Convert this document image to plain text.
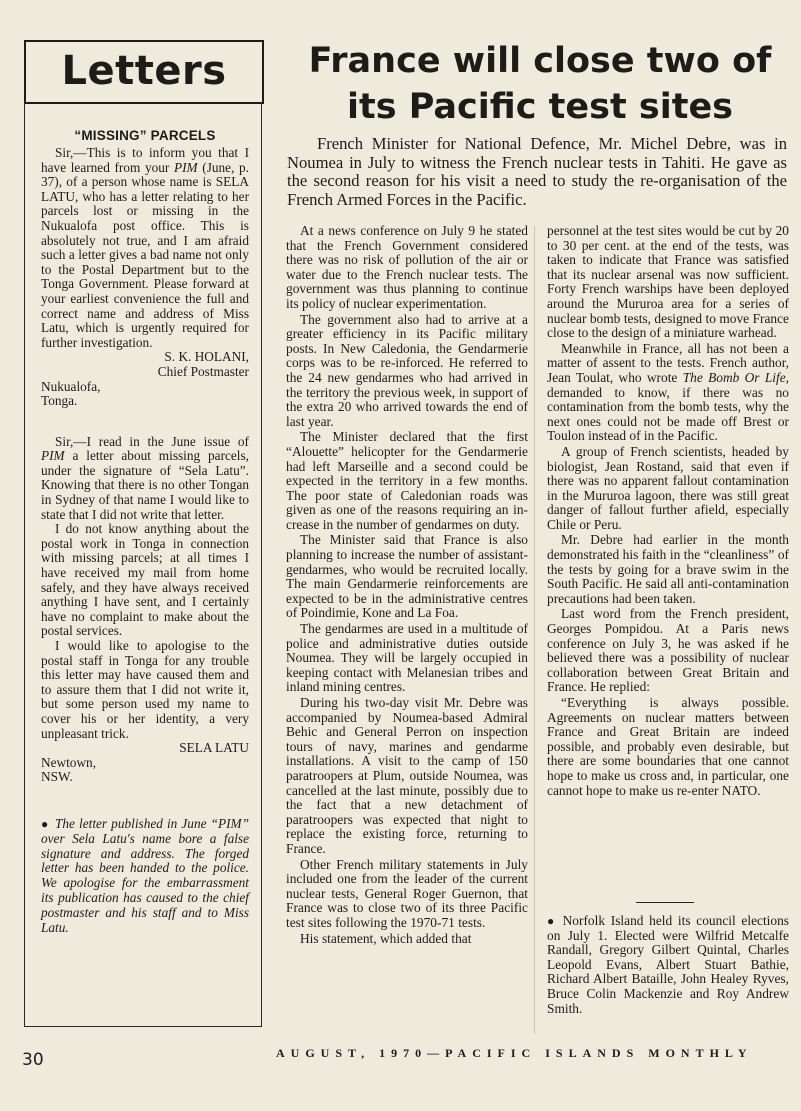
Letters
“MISSING” PARCELS

Sir,—This is to inform you that I have learned from your PIM (June, p. 37), of a person whose name is SELA LATU, who has a letter relating to her parcels lost or missing in the Nukualofa post office. This is absolutely not true, and I am afraid such a letter gives a bad name not only to the Postal Department but to the Tonga Government. Please forward at your earliest convenience the full and correct name and address of Miss Latu, which is urgently required for further investigation.

S. K. HOLANI,

Chief Postmaster

Nukualofa,

Tonga.

Sir,—I read in the June issue of PIM a letter about missing parcels, under the signature of “Sela Latu”. Knowing that there is no other Tongan in Sydney of that name I would like to state that I did not write that letter.

I do not know anything about the postal work in Tonga in connection with missing parcels; at all times I have received my mail from home safely, and they have always received anything I have sent, and I certainly have no complaint to make about the postal services.

I would like to apologise to the postal staff in Tonga for any trouble this letter may have caused them and to assure them that I did not write it, but some person used my name to cover his or her identity, a very unpleasant trick.

SELA LATU

Newtown,

NSW.

● The letter published in June “PIM” over Sela Latu's name bore a false signature and address. The forged letter has been handed to the police. We apologise for the embarrassment its publication has caused to the chief postmaster and his staff and to Miss Latu.

France will close two of its Pacific test sites

French Minister for National Defence, Mr. Michel Debre, was in Noumea in July to witness the French nuclear tests in Tahiti. He gave as the second reason for his visit a need to study the re-organisation of the French Armed Forces in the Pacific.

At a news conference on July 9 he stated that the French Government considered there was no risk of pollution of the air or water due to the French nuclear tests. The government was thus planning to continue its policy of nuclear experimentation.

The government also had to arrive at a greater efficiency in its Pacific military posts. In New Caledonia, the Gendarmerie corps was to be re-inforced. He referred to the 24 new gendarmes who had arrived in the territory the previous week, in support of the extra 20 who arrived towards the end of last year.

The Minister declared that the first “Alouette” helicopter for the Gendarmerie had left Marseille and a second could be expected in the territory in a few months. The poor state of Caledonian roads was given as one of the reasons requiring an in-crease in the number of gendarmes on duty.

The Minister said that France is also planning to increase the number of assistant-gendarmes, who would be recruited locally. The main Gendarmerie reinforcements are expected to be in the administrative centres of Poindimie, Kone and La Foa.

The gendarmes are used in a multitude of police and administrative duties outside Noumea. They will be largely occupied in keeping contact with Melanesian tribes and inland mining centres.

During his two-day visit Mr. Debre was accompanied by Noumea-based Admiral Behic and General Perron on inspection tours of navy, marines and gendarme installations. A visit to the camp of 150 paratroopers at Plum, outside Noumea, was cancelled at the last minute, possibly due to the fact that a new detachment of paratroopers was expected that night to replace the existing force, returning to France.

Other French military statements in July included one from the leader of the current nuclear tests, General Roger Guernon, that France was to close two of its three Pacific test sites following the 1970-71 tests.

His statement, which added that

personnel at the test sites would be cut by 20 to 30 per cent. at the end of the tests, was taken to indicate that France was satisfied that its nuclear arsenal was now sufficient. Forty French warships have been deployed around the Mururoa area for a series of nuclear bomb tests, designed to move France close to the design of a miniature warhead.

Meanwhile in France, all has not been a matter of assent to the tests. French author, Jean Toulat, who wrote The Bomb Or Life, demanded to know, if there was no contamination from the bomb tests, why the next ones could not be made off Brest or Toulon instead of in the Pacific.

A group of French scientists, headed by biologist, Jean Rostand, said that even if there was no apparent fallout contamination in the Mururoa lagoon, there was still great danger of fallout further afield, especially Chile or Peru.

Mr. Debre had earlier in the month demonstrated his faith in the “cleanliness” of the tests by going for a brave swim in the South Pacific. He said all anti-contamination precautions had been taken.

Last word from the French president, Georges Pompidou. At a Paris news conference on July 3, he was asked if he believed there was a possibility of nuclear collaboration between Great Britain and France. He replied:

“Everything is always possible. Agreements on nuclear matters between France and Great Britain are indeed possible, and probably even desirable, but there are some boundaries that one cannot hope to make us cross and, in particular, one cannot hope to make us re-enter NATO.

● Norfolk Island held its council elections on July 1. Elected were Wilfrid Metcalfe Randall, Gregory Gilbert Quintal, Charles Leopold Evans, Albert Stuart Bathie, Richard Albert Bataille, John Healey Ryves, Bruce Colin Mackenzie and Roy Andrew Smith.

30	AUGUST, 1970—PACIFIC ISLANDS MONTHLY
